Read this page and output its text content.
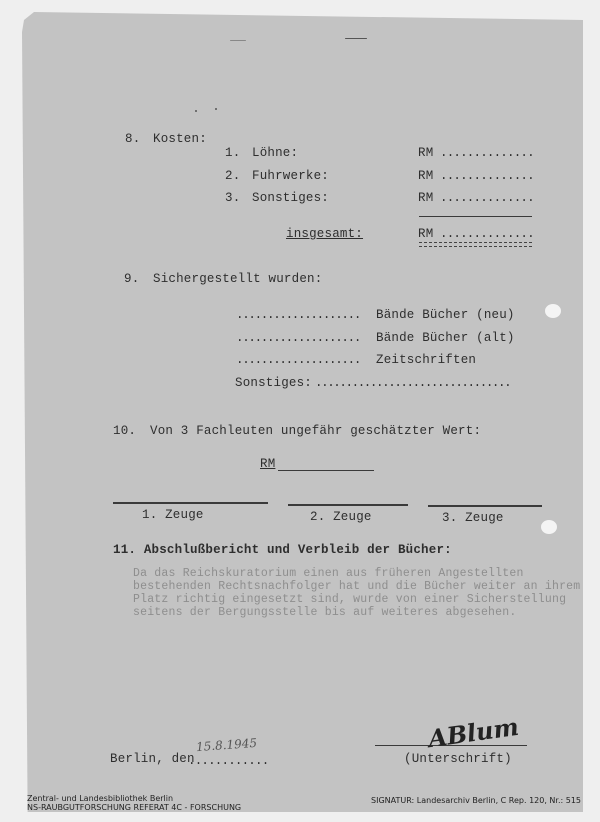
8. Kosten:
1. Löhne:	RM ..............
2. Fuhrwerke:	RM ..............
3. Sonstiges:	RM ..............
insgesamt:	RM ..............
9. Sichergestellt wurden:
.................... Bände Bücher (neu)
.................... Bände Bücher (alt)
.................... Zeitschriften
Sonstiges: ................................
10. Von 3 Fachleuten ungefähr geschätzter Wert:
RM
1. Zeuge	2. Zeuge	3. Zeuge
11. Abschlußbericht und Verbleib der Bücher:
Da das Reichskuratorium einen aus früheren Angestellten bestehenden Rechtsnachfolger hat und die Bücher weiter an ihrem Platz richtig eingesetzt sind, wurde von einer Sicherstellung seitens der Bergungsstelle bis auf weiteres abgesehen.
Berlin, den
............
15.8.1945	ABlum
(Unterschrift)
Zentral- und Landesbibliothek Berlin
NS-RAUBGUTFORSCHUNG REFERAT 4C - FORSCHUNG
SIGNATUR: Landesarchiv Berlin, C Rep. 120, Nr.: 515
